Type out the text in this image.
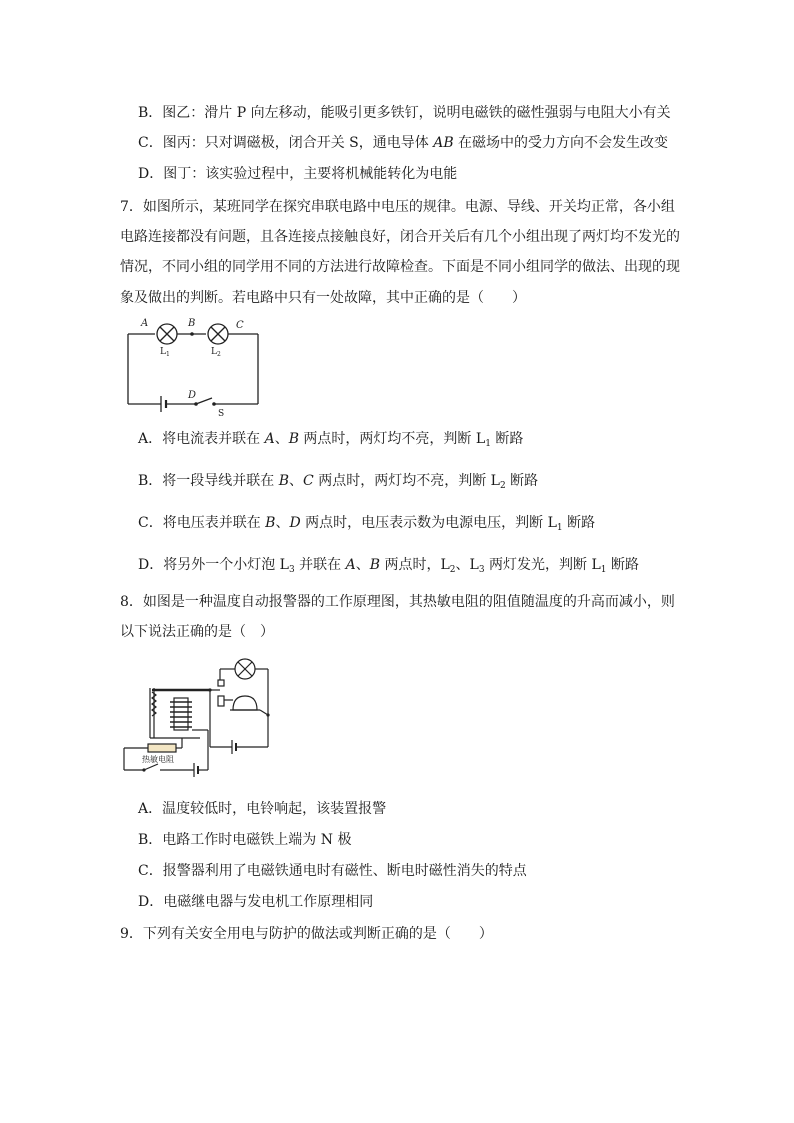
B．图乙：滑片 P 向左移动，能吸引更多铁钉，说明电磁铁的磁性强弱与电阻大小有关
C．图丙：只对调磁极，闭合开关 S，通电导体 AB 在磁场中的受力方向不会发生改变
D．图丁：该实验过程中，主要将机械能转化为电能
7．如图所示，某班同学在探究串联电路中电压的规律。电源、导线、开关均正常，各小组
电路连接都没有问题，且各连接点接触良好，闭合开关后有几个小组出现了两灯均不发光的
情况，不同小组的同学用不同的方法进行故障检查。下面是不同小组同学的做法、出现的现
象及做出的判断。若电路中只有一处故障，其中正确的是（　　）
A	B	C
D
$L_1$	$L_2$
S
A．将电流表并联在 A、B 两点时，两灯均不亮，判断 $L_1$ 断路
B．将一段导线并联在 B、C 两点时，两灯均不亮，判断 $L_2$ 断路
C．将电压表并联在 B、D 两点时，电压表示数为电源电压，判断 $L_1$ 断路
D．将另外一个小灯泡 $L_3$ 并联在 A、B 两点时，$L_2$、$L_3$ 两灯发光，判断 $L_1$ 断路
8．如图是一种温度自动报警器的工作原理图，其热敏电阻的阻值随温度的升高而减小，则
以下说法正确的是（　）
热敏电阻
A．温度较低时，电铃响起，该装置报警
B．电路工作时电磁铁上端为 N 极
C．报警器利用了电磁铁通电时有磁性、断电时磁性消失的特点
D．电磁继电器与发电机工作原理相同
9．下列有关安全用电与防护的做法或判断正确的是（　　）
